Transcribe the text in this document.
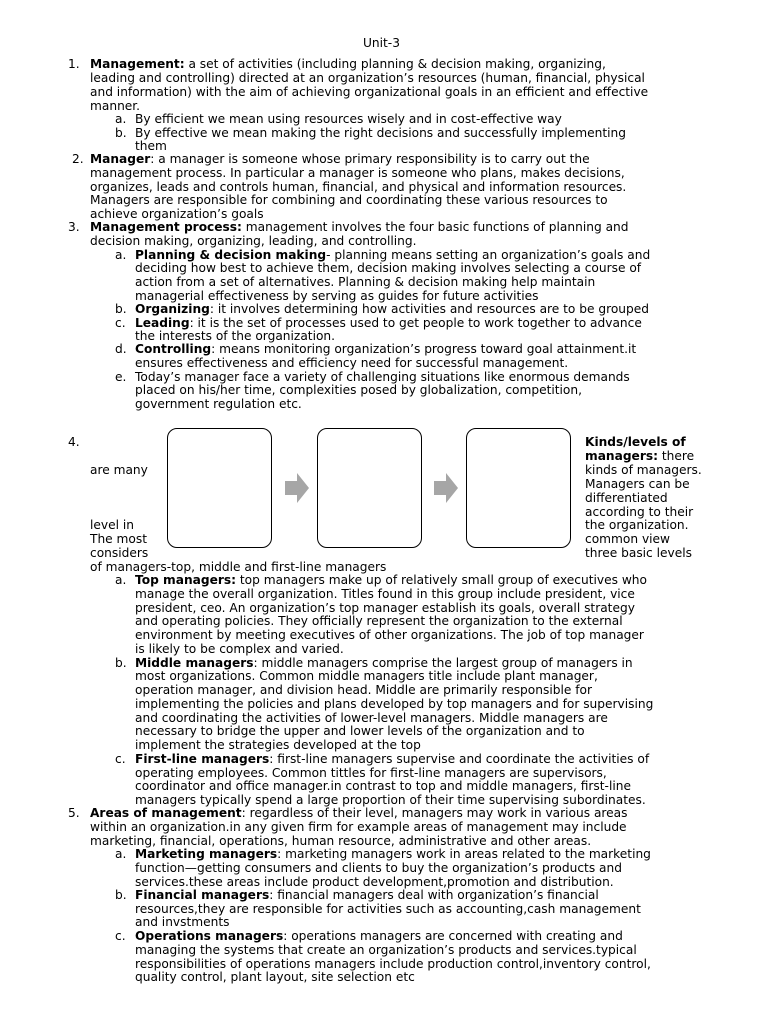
Unit-3
1. Management: a set of activities (including planning & decision making, organizing,
leading and controlling) directed at an organization’s resources (human, financial, physical
and information) with the aim of achieving organizational goals in an efficient and effective
manner.
a. By efficient we mean using resources wisely and in cost-effective way
b. By effective we mean making the right decisions and successfully implementing
them
2. Manager: a manager is someone whose primary responsibility is to carry out the
management process. In particular a manager is someone who plans, makes decisions,
organizes, leads and controls human, financial, and physical and information resources.
Managers are responsible for combining and coordinating these various resources to
achieve organization’s goals
3. Management process: management involves the four basic functions of planning and
decision making, organizing, leading, and controlling.
a. Planning & decision making- planning means setting an organization’s goals and
deciding how best to achieve them, decision making involves selecting a course of
action from a set of alternatives. Planning & decision making help maintain
managerial effectiveness by serving as guides for future activities
b. Organizing: it involves determining how activities and resources are to be grouped
c. Leading: it is the set of processes used to get people to work together to advance
the interests of the organization.
d. Controlling: means monitoring organization’s progress toward goal attainment.it
ensures effectiveness and efficiency need for successful management.
e. Today’s manager face a variety of challenging situations like enormous demands
placed on his/her time, complexities posed by globalization, competition,
government regulation etc.
4.
are many
level in
The most
considers
Kinds/levels of
managers: there
kinds of managers.
Managers can be
differentiated
according to their
the organization.
common view
three basic levels
of managers-top, middle and first-line managers
a. Top managers: top managers make up of relatively small group of executives who
manage the overall organization. Titles found in this group include president, vice
president, ceo. An organization’s top manager establish its goals, overall strategy
and operating policies. They officially represent the organization to the external
environment by meeting executives of other organizations. The job of top manager
is likely to be complex and varied.
b. Middle managers: middle managers comprise the largest group of managers in
most organizations. Common middle managers title include plant manager,
operation manager, and division head. Middle are primarily responsible for
implementing the policies and plans developed by top managers and for supervising
and coordinating the activities of lower-level managers. Middle managers are
necessary to bridge the upper and lower levels of the organization and to
implement the strategies developed at the top
c. First-line managers: first-line managers supervise and coordinate the activities of
operating employees. Common tittles for first-line managers are supervisors,
coordinator and office manager.in contrast to top and middle managers, first-line
managers typically spend a large proportion of their time supervising subordinates.
5. Areas of management: regardless of their level, managers may work in various areas
within an organization.in any given firm for example areas of management may include
marketing, financial, operations, human resource, administrative and other areas.
a. Marketing managers: marketing managers work in areas related to the marketing
function—getting consumers and clients to buy the organization’s products and
services.these areas include product development,promotion and distribution.
b. Financial managers: financial managers deal with organization’s financial
resources,they are responsible for activities such as accounting,cash management
and invstments
c. Operations managers: operations managers are concerned with creating and
managing the systems that create an organization’s products and services.typical
responsibilities of operations managers include production control,inventory control,
quality control, plant layout, site selection etc
